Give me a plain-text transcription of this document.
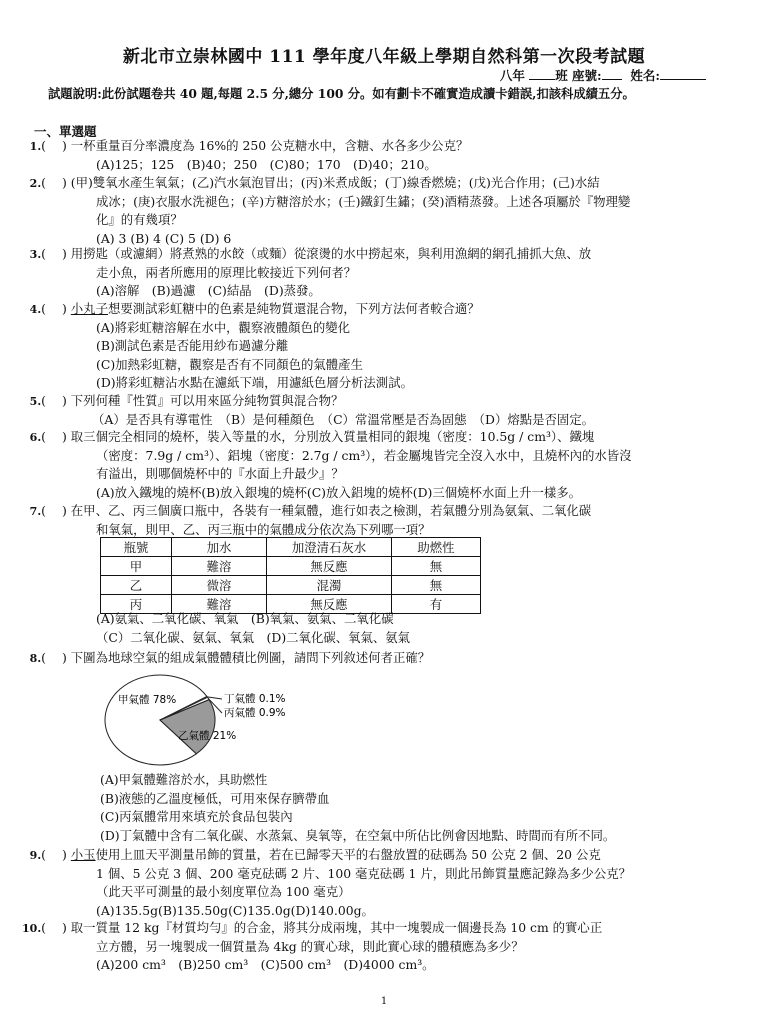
新北市立崇林國中 111 學年度八年級上學期自然科第一次段考試題
八年 班 座號: 姓名:
試題說明:此份試題卷共 40 題,每題 2.5 分,總分 100 分。如有劃卡不確實造成讀卡錯誤,扣該科成績五分。
一、單選題
1.(	) 一杯重量百分率濃度為 16%的 250 公克糖水中，含糖、水各多少公克？
(A)125；125　(B)40；250　(C)80；170　(D)40；210。
2.(	) (甲)雙氧水產生氧氣；(乙)汽水氣泡冒出；(丙)米煮成飯；(丁)線香燃燒；(戊)光合作用；(己)水結
成冰；(庚)衣服水洗褪色；(辛)方糖溶於水；(壬)鐵釘生鏽；(癸)酒精蒸發。上述各項屬於『物理變
化』的有幾項？
(A) 3 (B) 4 (C) 5 (D) 6
3.(	) 用撈匙（或濾網）將煮熟的水餃（或麵）從滾燙的水中撈起來，與利用漁網的網孔捕抓大魚、放
走小魚，兩者所應用的原理比較接近下列何者？
(A)溶解　(B)過濾　(C)結晶　(D)蒸發。
4.(	) 小丸子想要測試彩虹糖中的色素是純物質還混合物，下列方法何者較合適？
(A)將彩虹糖溶解在水中，觀察液體顏色的變化
(B)測試色素是否能用紗布過濾分離
(C)加熱彩虹糖，觀察是否有不同顏色的氣體產生
(D)將彩虹糖沾水點在濾紙下端，用濾紙色層分析法測試。
5.(	) 下列何種『性質』可以用來區分純物質與混合物？
（A）是否具有導電性　（B）是何種顏色　（C）常溫常壓是否為固態　（D）熔點是否固定。
6.(	) 取三個完全相同的燒杯，裝入等量的水，分別放入質量相同的銀塊（密度：10.5g / cm³）、鐵塊
（密度：7.9g / cm³）、鋁塊（密度：2.7g / cm³），若金屬塊皆完全沒入水中，且燒杯內的水皆沒
有溢出，則哪個燒杯中的『水面上升最少』？
(A)放入鐵塊的燒杯(B)放入銀塊的燒杯(C)放入鋁塊的燒杯(D)三個燒杯水面上升一樣多。
7.(	) 在甲、乙、丙三個廣口瓶中，各裝有一種氣體，進行如表之檢測，若氣體分別為氨氣、二氧化碳
和氧氣，則甲、乙、丙三瓶中的氣體成分依次為下列哪一項？
瓶號	加水	加澄清石灰水	助燃性
甲	難溶	無反應	無
乙	微溶	混濁	無
丙	難溶	無反應	有
(A)氨氣、二氧化碳、氧氣　(B)氧氣、氨氣、二氧化碳
（C）二氧化碳、氨氣、氧氣　(D)二氧化碳、氧氣、氨氣
8.(	) 下圖為地球空氣的組成氣體體積比例圖，請問下列敘述何者正確？
甲氣體 78%
乙氣體 21%
丁氣體 0.1%
丙氣體 0.9%
(A)甲氣體難溶於水，具助燃性
(B)液態的乙溫度極低，可用來保存臍帶血
(C)丙氣體常用來填充於食品包裝內
(D)丁氣體中含有二氧化碳、水蒸氣、臭氧等，在空氣中所佔比例會因地點、時間而有所不同。
9.(	) 小玉使用上皿天平測量吊飾的質量，若在已歸零天平的右盤放置的砝碼為 50 公克 2 個、20 公克
1 個、5 公克 3 個、200 毫克砝碼 2 片、100 毫克砝碼 1 片，則此吊飾質量應記錄為多少公克？
（此天平可測量的最小刻度單位為 100 毫克）
(A)135.5g(B)135.50g(C)135.0g(D)140.00g。
10.(	) 取一質量 12 kg『材質均勻』的合金，將其分成兩塊，其中一塊製成一個邊長為 10 cm 的實心正
立方體，另一塊製成一個質量為 4kg 的實心球，則此實心球的體積應為多少？
(A)200 cm³　(B)250 cm³　(C)500 cm³　(D)4000 cm³。
1
